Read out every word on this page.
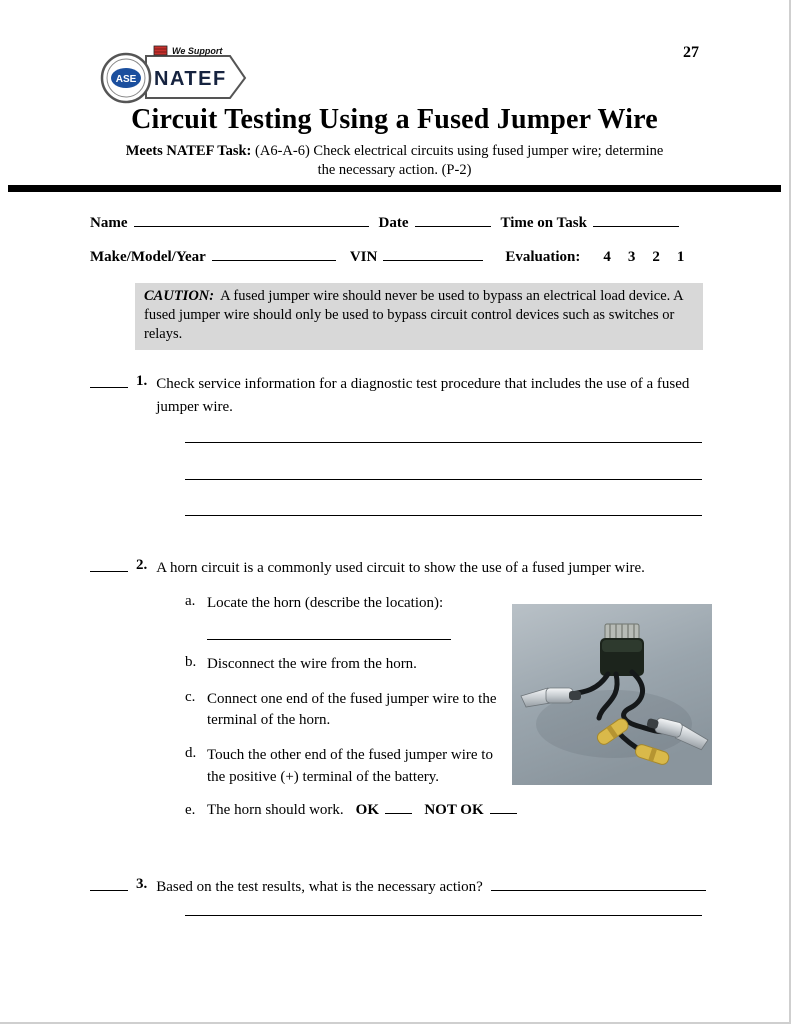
27
ASE
We Support
NATEF
Circuit Testing Using a Fused Jumper Wire
Meets NATEF Task: (A6-A-6) Check electrical circuits using fused jumper wire; determine
the necessary action. (P-2)
Name	Date	Time on Task
Make/Model/Year	VIN	Evaluation: 4 3 2 1
CAUTION: A fused jumper wire should never be used to bypass an electrical load device. A fused jumper wire should only be used to bypass circuit control devices such as switches or relays.
1. Check service information for a diagnostic test procedure that includes the use of a fused jumper wire.
2. A horn circuit is a commonly used circuit to show the use of a fused jumper wire.
a. Locate the horn (describe the location):
b. Disconnect the wire from the horn.
c. Connect one end of the fused jumper wire to the terminal of the horn.
d. Touch the other end of the fused jumper wire to the positive (+) terminal of the battery.
e. The horn should work. OK	NOT OK
3. Based on the test results, what is the necessary action?
